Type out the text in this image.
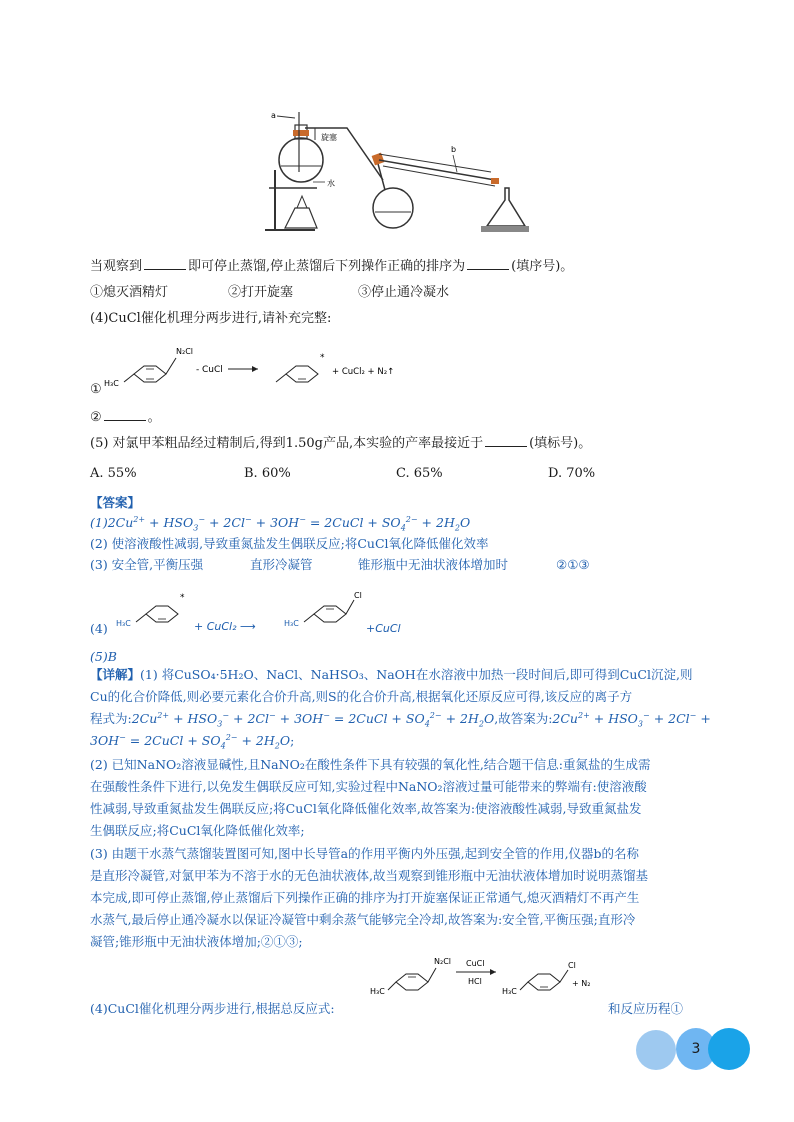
a
旋塞
水
b
当观察到	即可停止蒸馏,停止蒸馏后下列操作正确的排序为	(填序号)。
①熄灭酒精灯	②打开旋塞	③停止通冷凝水
(4)CuCl催化机理分两步进行,请补充完整:
① H₃C
N₂Cl
CuCl
-
*
+ CuCl₂ + N₂↑
②	。
(5) 对氯甲苯粗品经过精制后,得到1.50g产品,本实验的产率最接近于	(填标号)。
A. 55%	B. 60%	C. 65%	D. 70%
【答案】
$(1)2Cu^{2+} + HSO_3^- + 2Cl^- + 3OH^-$ = 2CuCl + $SO_4^{2-} + 2H_2O$
(2) 使溶液酸性减弱,导致重氮盐发生偶联反应;将CuCl氧化降低催化效率
(3) 安全管,平衡压强	直形冷凝管	锥形瓶中无油状液体增加时	②①③
(4) H₃C
*
+ CuCl₂ ⟶	H₃C
Cl
+CuCl
(5)B
【详解】(1) 将CuSO₄·5H₂O、NaCl、NaHSO₃、NaOH在水溶液中加热一段时间后,即可得到CuCl沉淀,则
Cu的化合价降低,则必要元素化合价升高,则S的化合价升高,根据氧化还原反应可得,该反应的离子方
程式为$:2Cu^{2+} + HSO_3^- + 2Cl^- + 3OH^-$ = 2CuCl + $SO_4^{2-} + 2H_2O$,故答案为$:2Cu^{2+} + HSO_3^- + 2Cl^-$ +
3OH− = 2CuCl + $SO_4^{2-} + 2H_2O$;
(2) 已知NaNO₂溶液显碱性,且NaNO₂在酸性条件下具有较强的氧化性,结合题干信息:重氮盐的生成需
在强酸性条件下进行,以免发生偶联反应可知,实验过程中NaNO₂溶液过量可能带来的弊端有:使溶液酸
性减弱,导致重氮盐发生偶联反应;将CuCl氧化降低催化效率,故答案为:使溶液酸性减弱,导致重氮盐发
生偶联反应;将CuCl氧化降低催化效率;
(3) 由题干水蒸气蒸馏装置图可知,图中长导管a的作用平衡内外压强,起到安全管的作用,仪器b的名称
是直形冷凝管,对氯甲苯为不溶于水的无色油状液体,故当观察到锥形瓶中无油状液体增加时说明蒸馏基
本完成,即可停止蒸馏,停止蒸馏后下列操作正确的排序为打开旋塞保证正常通气,熄灭酒精灯不再产生
水蒸气,最后停止通冷凝水以保证冷凝管中剩余蒸气能够完全冷却,故答案为:安全管,平衡压强;直形冷
凝管;锥形瓶中无油状液体增加;②①③;
H₃C
N₂Cl CuCl
HCl
Cl
+ N₂
H₃C
(4)CuCl催化机理分两步进行,根据总反应式:	和反应历程①
3
